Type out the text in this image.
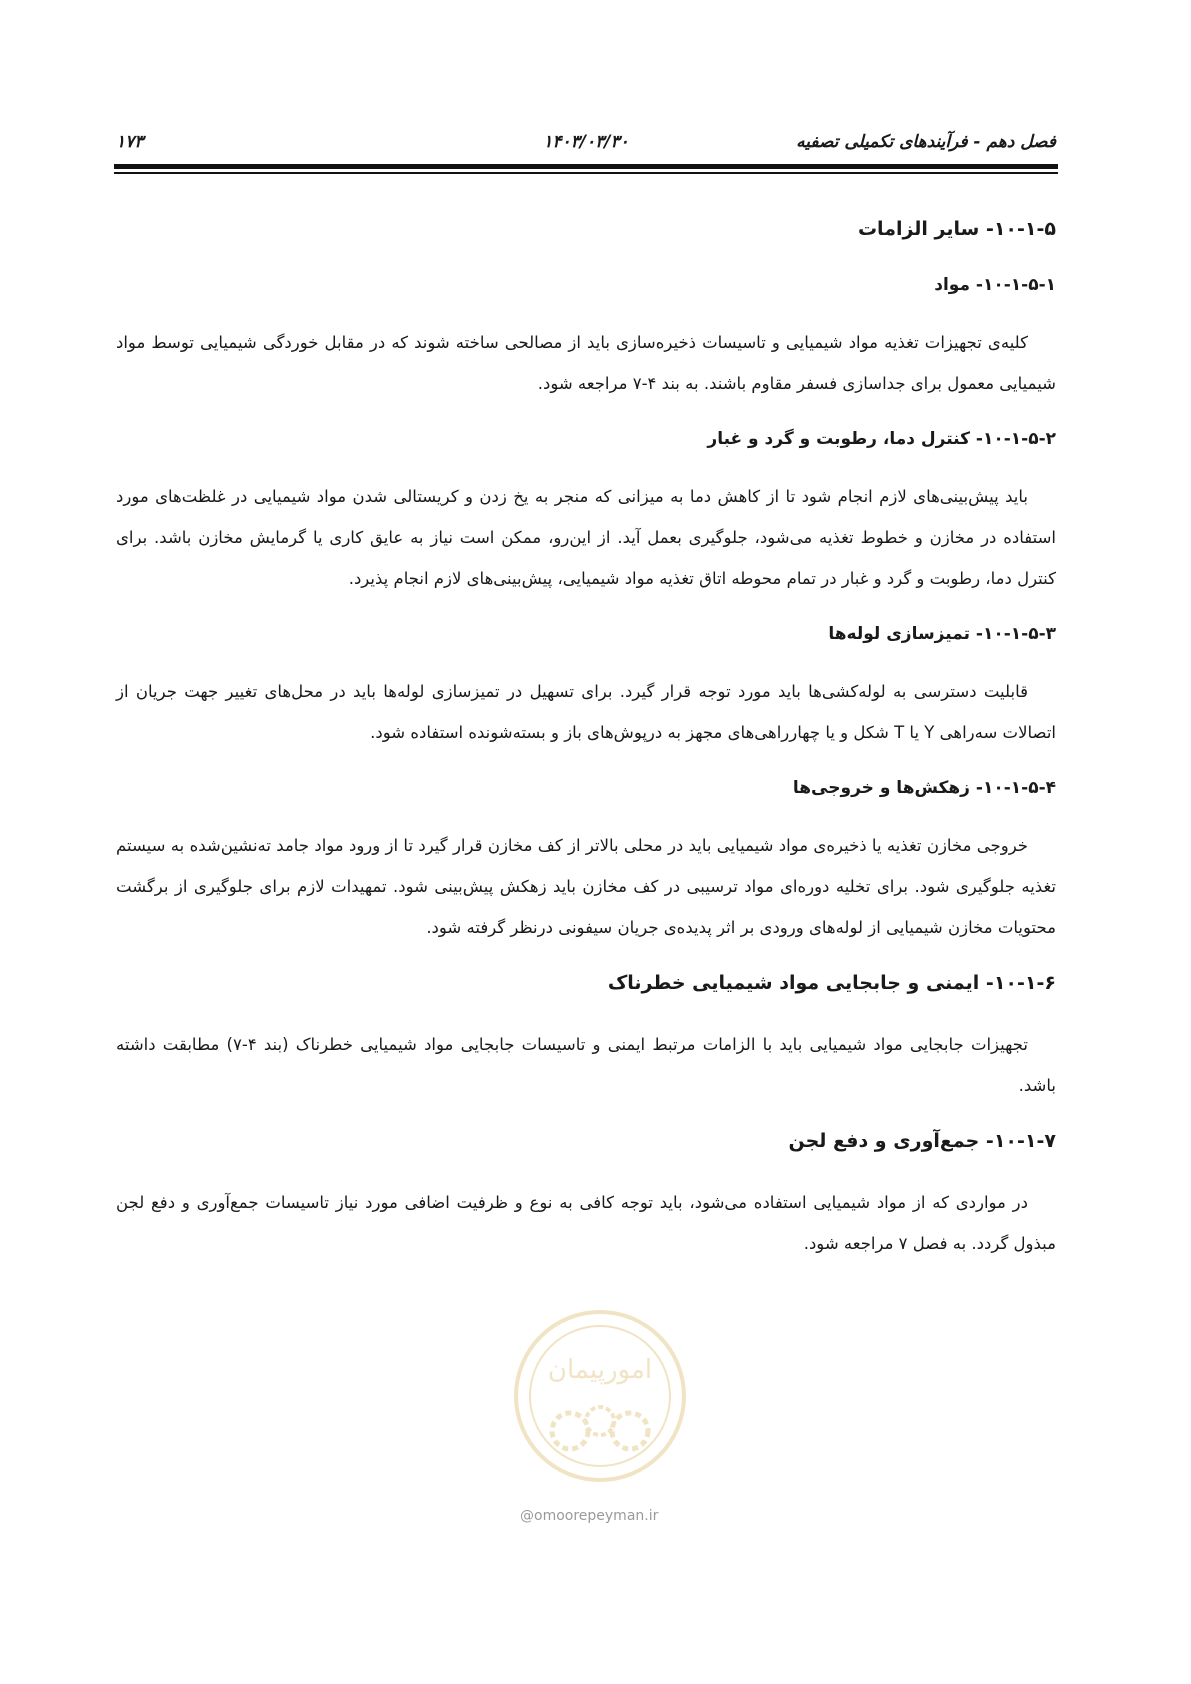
فصل دهم - فرآیندهای تکمیلی تصفیه
۱۴۰۳/۰۳/۳۰
۱۷۳
۱۰-۱-۵- سایر الزامات
۱۰-۱-۵-۱- مواد

کلیه‌ی تجهیزات تغذیه مواد شیمیایی و تاسیسات ذخیره‌سازی باید از مصالحی ساخته شوند که در مقابل خوردگی شیمیایی توسط مواد شیمیایی معمول برای جداسازی فسفر مقاوم باشند. به بند ۴-۷ مراجعه شود.

۱۰-۱-۵-۲- کنترل دما، رطوبت و گرد و غبار

باید پیش‌بینی‌های لازم انجام شود تا از کاهش دما به میزانی که منجر به یخ زدن و کریستالی شدن مواد شیمیایی در غلظت‌های مورد استفاده در مخازن و خطوط تغذیه می‌شود، جلوگیری بعمل آید. از این‌رو، ممکن است نیاز به عایق کاری یا گرمایش مخازن باشد. برای کنترل دما، رطوبت و گرد و غبار در تمام محوطه اتاق تغذیه مواد شیمیایی، پیش‌بینی‌های لازم انجام پذیرد.

۱۰-۱-۵-۳- تمیزسازی لوله‌ها

قابلیت دسترسی به لوله‌کشی‌ها باید مورد توجه قرار گیرد. برای تسهیل در تمیزسازی لوله‌ها باید در محل‌های تغییر جهت جریان از اتصالات سه‌راهی Y یا T شکل و یا چهارراهی‌های مجهز به درپوش‌های باز و بسته‌شونده استفاده شود.

۱۰-۱-۵-۴- زهکش‌ها و خروجی‌ها

خروجی مخازن تغذیه یا ذخیره‌ی مواد شیمیایی باید در محلی بالاتر از کف مخازن قرار گیرد تا از ورود مواد جامد ته‌نشین‌شده به سیستم تغذیه جلوگیری شود. برای تخلیه دوره‌ای مواد ترسیبی در کف مخازن باید زهکش پیش‌بینی شود. تمهیدات لازم برای جلوگیری از برگشت محتویات مخازن شیمیایی از لوله‌های ورودی بر اثر پدیده‌ی جریان سیفونی درنظر گرفته شود.

۱۰-۱-۶- ایمنی و جابجایی مواد شیمیایی خطرناک

تجهیزات جابجایی مواد شیمیایی باید با الزامات مرتبط ایمنی و تاسیسات جابجایی مواد شیمیایی خطرناک (بند ۴-۷) مطابقت داشته باشد.

۱۰-۱-۷- جمع‌آوری و دفع لجن

در مواردی که از مواد شیمیایی استفاده می‌شود، باید توجه کافی به نوع و ظرفیت اضافی مورد نیاز تاسیسات جمع‌آوری و دفع لجن مبذول گردد. به فصل ۷ مراجعه شود.

امورپیمان
@omoorepeyman.ir
